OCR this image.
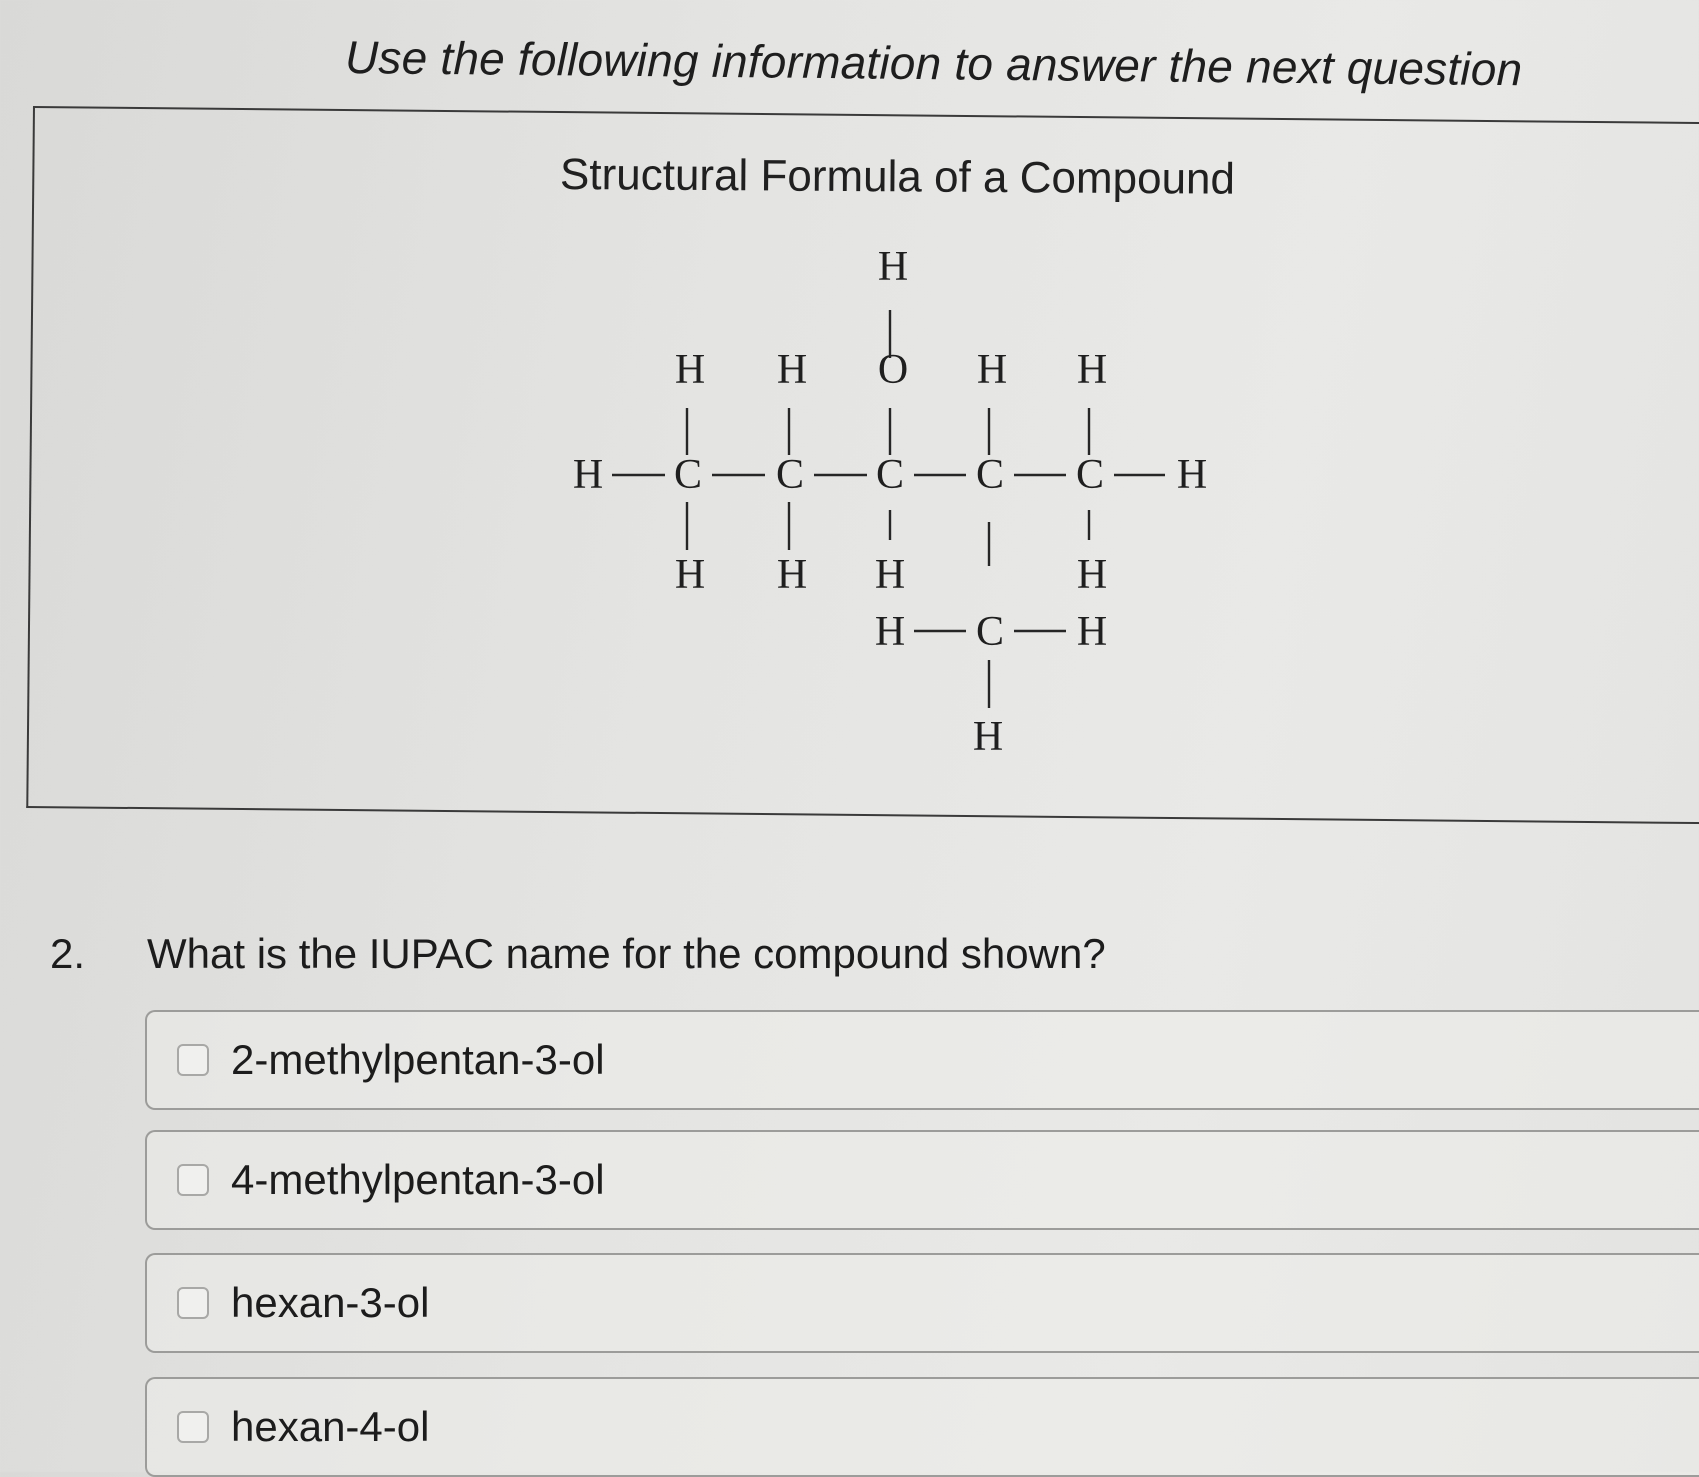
Use the following information to answer the next question
Structural Formula of a Compound
H
H H O H H
H C C C C C H
H H H	H
H C H
H
2.	What is the IUPAC name for the compound shown?
2-methylpentan-3-ol
4-methylpentan-3-ol
hexan-3-ol
hexan-4-ol
